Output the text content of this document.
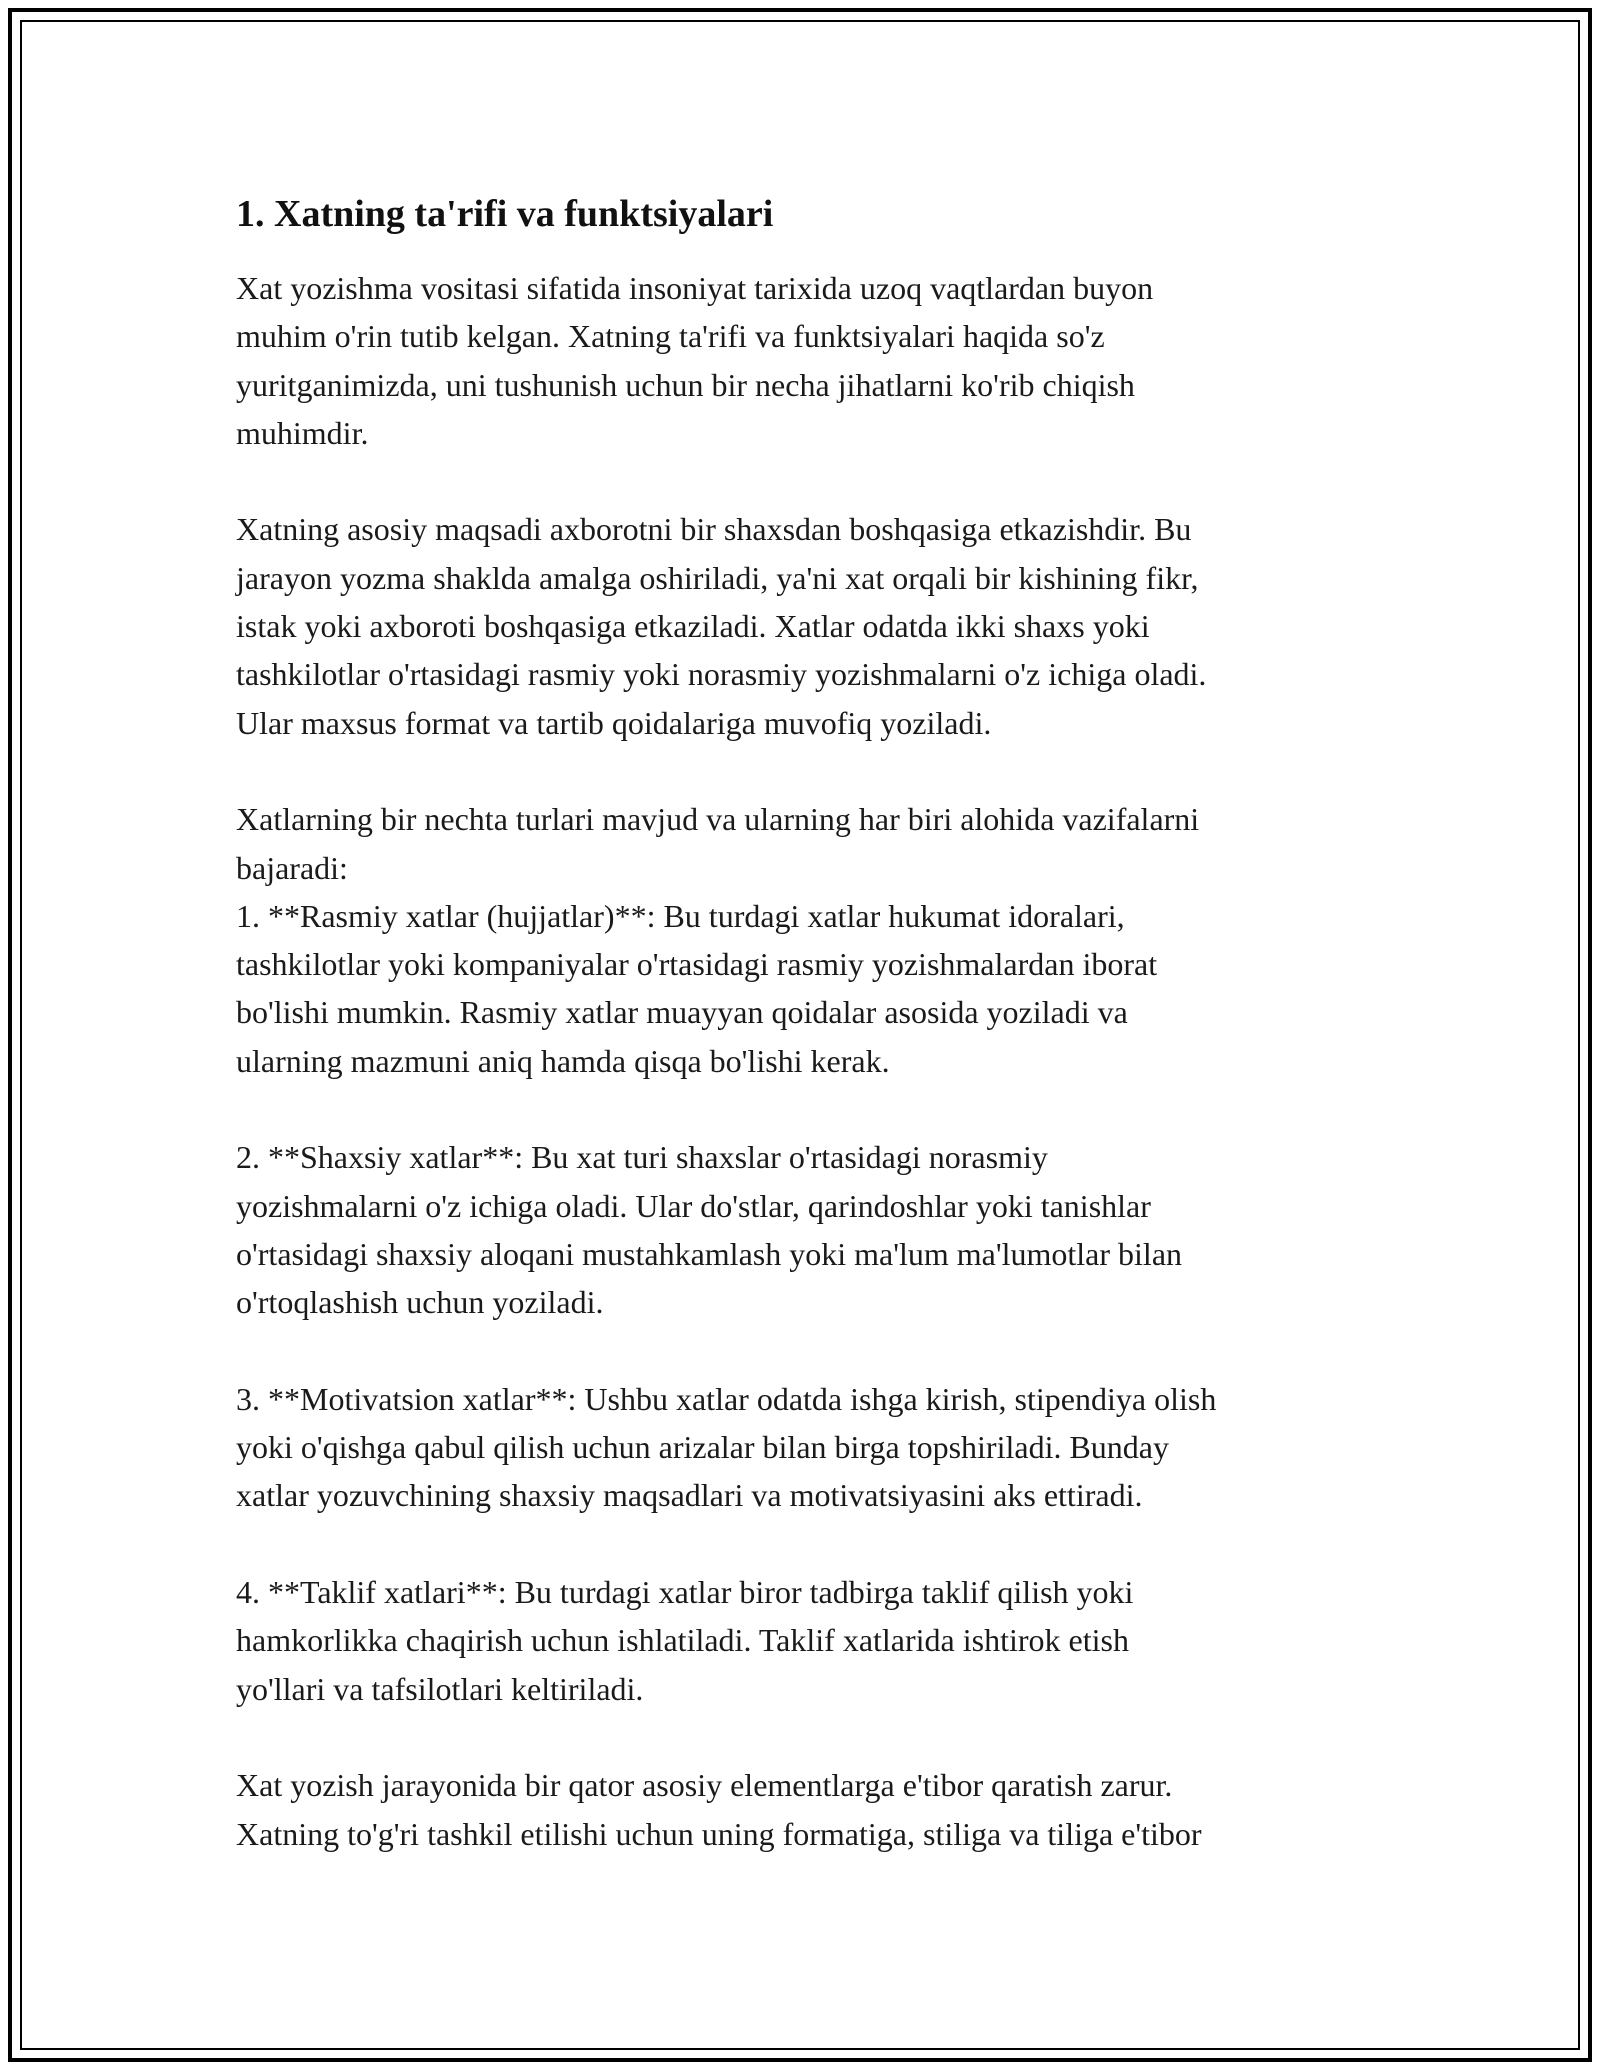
1. Xatning ta'rifi va funktsiyalari

Xat yozishma vositasi sifatida insoniyat tarixida uzoq vaqtlardan buyon
muhim o'rin tutib kelgan. Xatning ta'rifi va funktsiyalari haqida so'z
yuritganimizda, uni tushunish uchun bir necha jihatlarni ko'rib chiqish
muhimdir.

Xatning asosiy maqsadi axborotni bir shaxsdan boshqasiga etkazishdir. Bu
jarayon yozma shaklda amalga oshiriladi, ya'ni xat orqali bir kishining fikr,
istak yoki axboroti boshqasiga etkaziladi. Xatlar odatda ikki shaxs yoki
tashkilotlar o'rtasidagi rasmiy yoki norasmiy yozishmalarni o'z ichiga oladi.
Ular maxsus format va tartib qoidalariga muvofiq yoziladi.

Xatlarning bir nechta turlari mavjud va ularning har biri alohida vazifalarni
bajaradi:
1. **Rasmiy xatlar (hujjatlar)**: Bu turdagi xatlar hukumat idoralari,
tashkilotlar yoki kompaniyalar o'rtasidagi rasmiy yozishmalardan iborat
bo'lishi mumkin. Rasmiy xatlar muayyan qoidalar asosida yoziladi va
ularning mazmuni aniq hamda qisqa bo'lishi kerak.

2. **Shaxsiy xatlar**: Bu xat turi shaxslar o'rtasidagi norasmiy
yozishmalarni o'z ichiga oladi. Ular do'stlar, qarindoshlar yoki tanishlar
o'rtasidagi shaxsiy aloqani mustahkamlash yoki ma'lum ma'lumotlar bilan
o'rtoqlashish uchun yoziladi.

3. **Motivatsion xatlar**: Ushbu xatlar odatda ishga kirish, stipendiya olish
yoki o'qishga qabul qilish uchun arizalar bilan birga topshiriladi. Bunday
xatlar yozuvchining shaxsiy maqsadlari va motivatsiyasini aks ettiradi.

4. **Taklif xatlari**: Bu turdagi xatlar biror tadbirga taklif qilish yoki
hamkorlikka chaqirish uchun ishlatiladi. Taklif xatlarida ishtirok etish
yo'llari va tafsilotlari keltiriladi.

Xat yozish jarayonida bir qator asosiy elementlarga e'tibor qaratish zarur.
Xatning to'g'ri tashkil etilishi uchun uning formatiga, stiliga va tiliga e'tibor
